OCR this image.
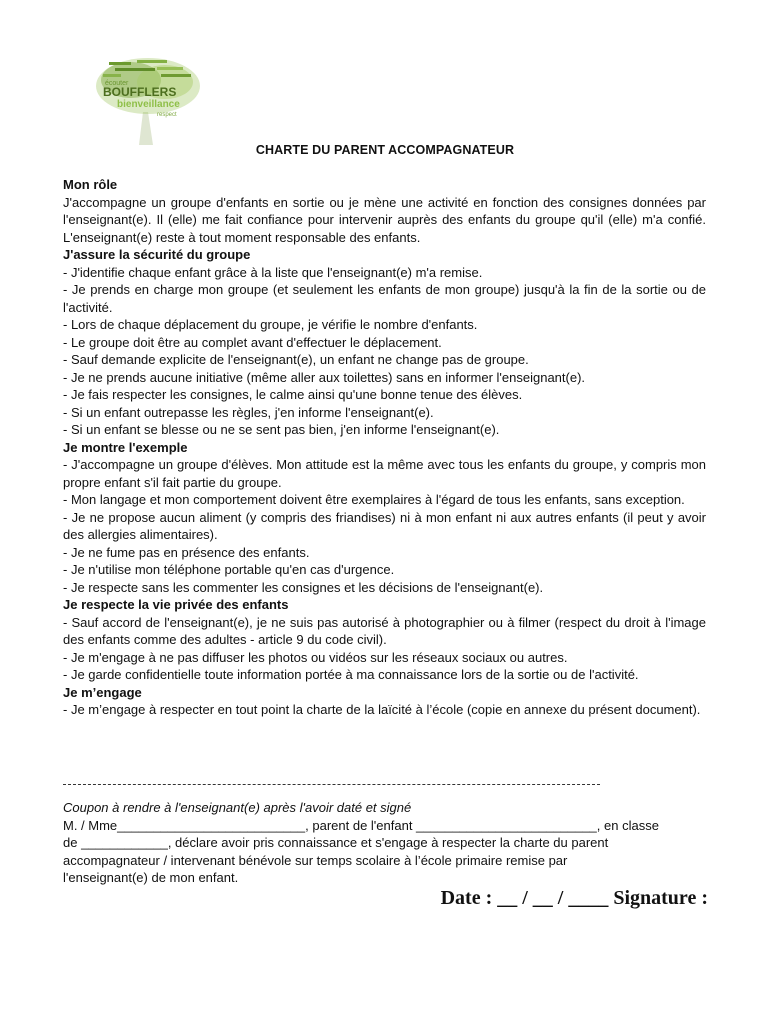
BOUFFLERS
bienveillance
écouter
respect
CHARTE DU PARENT ACCOMPAGNATEUR

Mon rôle

J'accompagne un groupe d'enfants en sortie ou je mène une activité en fonction des consignes données par l'enseignant(e). Il (elle) me fait confiance pour intervenir auprès des enfants du groupe qu'il (elle) m'a confié. L'enseignant(e) reste à tout moment responsable des enfants.

J'assure la sécurité du groupe

- J'identifie chaque enfant grâce à la liste que l'enseignant(e) m'a remise.

- Je prends en charge mon groupe (et seulement les enfants de mon groupe) jusqu'à la fin de la sortie ou de l'activité.

- Lors de chaque déplacement du groupe, je vérifie le nombre d'enfants.

- Le groupe doit être au complet avant d'effectuer le déplacement.

- Sauf demande explicite de l'enseignant(e), un enfant ne change pas de groupe.

- Je ne prends aucune initiative (même aller aux toilettes) sans en informer l'enseignant(e).

- Je fais respecter les consignes, le calme ainsi qu'une bonne tenue des élèves.

- Si un enfant outrepasse les règles, j'en informe l'enseignant(e).

- Si un enfant se blesse ou ne se sent pas bien, j'en informe l'enseignant(e).

Je montre l'exemple

- J'accompagne un groupe d'élèves. Mon attitude est la même avec tous les enfants du groupe, y compris mon propre enfant s'il fait partie du groupe.

- Mon langage et mon comportement doivent être exemplaires à l'égard de tous les enfants, sans exception.

- Je ne propose aucun aliment (y compris des friandises) ni à mon enfant ni aux autres enfants (il peut y avoir des allergies alimentaires).

- Je ne fume pas en présence des enfants.

- Je n'utilise mon téléphone portable qu'en cas d'urgence.

- Je respecte sans les commenter les consignes et les décisions de l'enseignant(e).

Je respecte la vie privée des enfants

- Sauf accord de l'enseignant(e), je ne suis pas autorisé à photographier ou à filmer (respect du droit à l'image des enfants comme des adultes - article 9 du code civil).

- Je m'engage à ne pas diffuser les photos ou vidéos sur les réseaux sociaux ou autres.

- Je garde confidentielle toute information portée à ma connaissance lors de la sortie ou de l'activité.

Je m’engage

- Je m’engage à respecter en tout point la charte de la laïcité à l’école (copie en annexe du présent document).

Coupon à rendre à l'enseignant(e) après l'avoir daté et signé

M. / Mme__________________________, parent de l'enfant _________________________, en classe

de ____________, déclare avoir pris connaissance et s'engage à respecter la charte du parent

accompagnateur / intervenant bénévole sur temps scolaire à l’école primaire remise par

l'enseignant(e) de mon enfant.

Date : __ / __ / ____ Signature :
